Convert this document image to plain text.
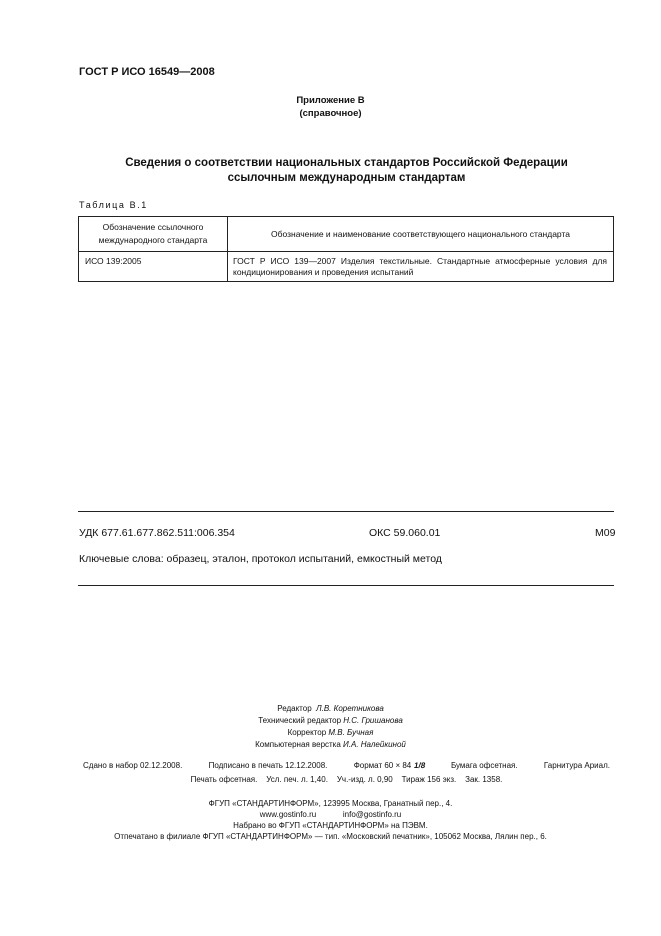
ГОСТ Р ИСО 16549—2008
Приложение В
(справочное)
Сведения о соответствии национальных стандартов Российской Федерации
ссылочным международным стандартам
Таблица В.1
Обозначение ссылочного международного стандарта	Обозначение и наименование соответствующего национального стандарта
ИСО 139:2005	ГОСТ Р ИСО 139—2007 Изделия текстильные. Стандартные атмосферные условия для кондиционирования и проведения испытаний
УДК 677.61.677.862.511:006.354	ОКС 59.060.01	М09
Ключевые слова: образец, эталон, протокол испытаний, емкостный метод
Редактор Л.В. Коретникова
Технический редактор Н.С. Гришанова
Корректор М.В. Бучная
Компьютерная верстка И.А. Налейкиной
Сдано в набор 02.12.2008.	Подписано в печать 12.12.2008.	Формат 60 × 84 1/8	Бумага офсетная.	Гарнитура Ариал.
Печать офсетная. Усл. печ. л. 1,40. Уч.-изд. л. 0,90 Тираж 156 экз. Зак. 1358.
ФГУП «СТАНДАРТИНФОРМ», 123995 Москва, Гранатный пер., 4.
www.gostinfo.ru	info@gostinfo.ru
Набрано во ФГУП «СТАНДАРТИНФОРМ» на ПЭВМ.
Отпечатано в филиале ФГУП «СТАНДАРТИНФОРМ» — тип. «Московский печатник», 105062 Москва, Лялин пер., 6.
